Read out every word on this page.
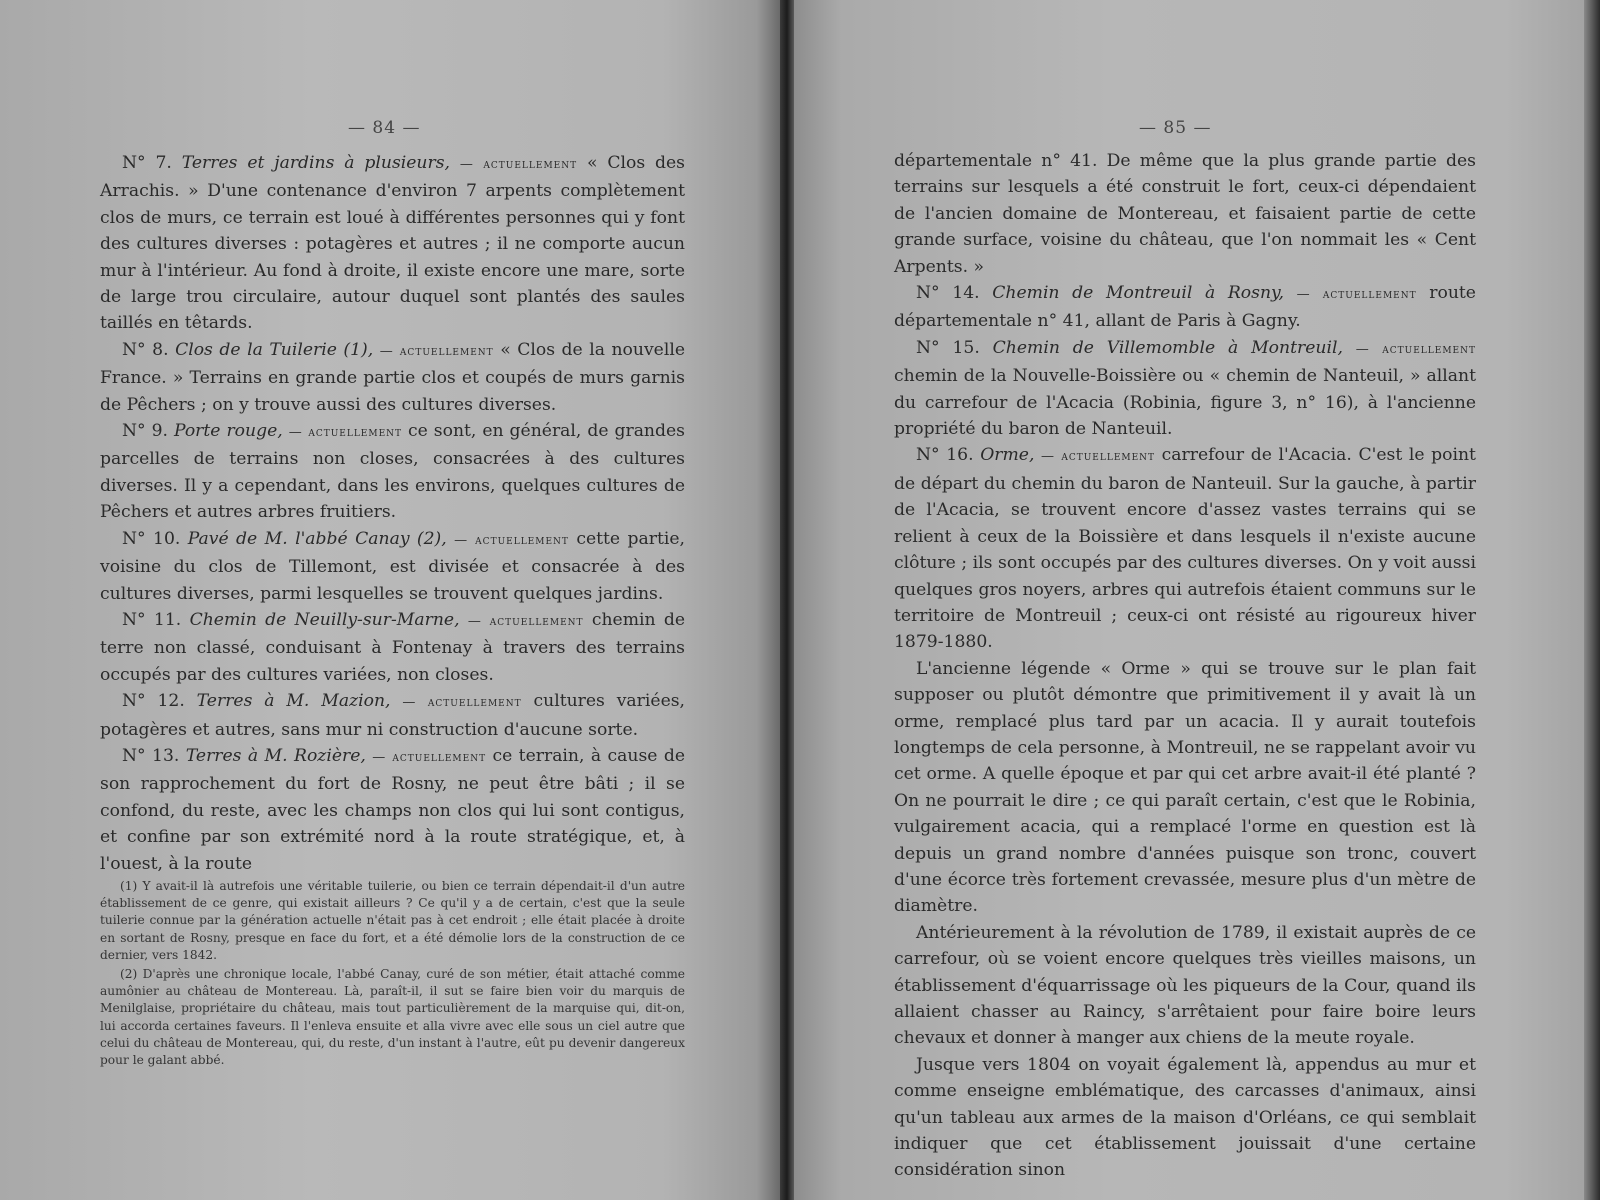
— 84 —

N° 7. Terres et jardins à plusieurs, — actuellement « Clos des Arrachis. » D'une contenance d'environ 7 arpents complètement clos de murs, ce terrain est loué à différentes personnes qui y font des cultures diverses : potagères et autres ; il ne comporte aucun mur à l'intérieur. Au fond à droite, il existe encore une mare, sorte de large trou circulaire, autour duquel sont plantés des saules taillés en têtards.

N° 8. Clos de la Tuilerie (1), — actuellement « Clos de la nouvelle France. » Terrains en grande partie clos et coupés de murs garnis de Pêchers ; on y trouve aussi des cultures diverses.

N° 9. Porte rouge, — actuellement ce sont, en général, de grandes parcelles de terrains non closes, consacrées à des cultures diverses. Il y a cependant, dans les environs, quelques cultures de Pêchers et autres arbres fruitiers.

N° 10. Pavé de M. l'abbé Canay (2), — actuellement cette partie, voisine du clos de Tillemont, est divisée et consacrée à des cultures diverses, parmi lesquelles se trouvent quelques jardins.

N° 11. Chemin de Neuilly-sur-Marne, — actuellement chemin de terre non classé, conduisant à Fontenay à travers des terrains occupés par des cultures variées, non closes.

N° 12. Terres à M. Mazion, — actuellement cultures variées, potagères et autres, sans mur ni construction d'aucune sorte.

N° 13. Terres à M. Rozière, — actuellement ce terrain, à cause de son rapprochement du fort de Rosny, ne peut être bâti ; il se confond, du reste, avec les champs non clos qui lui sont contigus, et confine par son extrémité nord à la route stratégique, et, à l'ouest, à la route

(1) Y avait-il là autrefois une véritable tuilerie, ou bien ce terrain dépendait-il d'un autre établissement de ce genre, qui existait ailleurs ? Ce qu'il y a de certain, c'est que la seule tuilerie connue par la génération actuelle n'était pas à cet endroit ; elle était placée à droite en sortant de Rosny, presque en face du fort, et a été démolie lors de la construction de ce dernier, vers 1842.

(2) D'après une chronique locale, l'abbé Canay, curé de son métier, était attaché comme aumônier au château de Montereau. Là, paraît-il, il sut se faire bien voir du marquis de Menilglaise, propriétaire du château, mais tout particulièrement de la marquise qui, dit-on, lui accorda certaines faveurs. Il l'enleva ensuite et alla vivre avec elle sous un ciel autre que celui du château de Montereau, qui, du reste, d'un instant à l'autre, eût pu devenir dangereux pour le galant abbé.

— 85 —

départementale n° 41. De même que la plus grande partie des terrains sur lesquels a été construit le fort, ceux-ci dépendaient de l'ancien domaine de Montereau, et faisaient partie de cette grande surface, voisine du château, que l'on nommait les « Cent Arpents. »

N° 14. Chemin de Montreuil à Rosny, — actuellement route départementale n° 41, allant de Paris à Gagny.

N° 15. Chemin de Villemomble à Montreuil, — actuellement chemin de la Nouvelle-Boissière ou « chemin de Nanteuil, » allant du carrefour de l'Acacia (Robinia, figure 3, n° 16), à l'ancienne propriété du baron de Nanteuil.

N° 16. Orme, — actuellement carrefour de l'Acacia. C'est le point de départ du chemin du baron de Nanteuil. Sur la gauche, à partir de l'Acacia, se trouvent encore d'assez vastes terrains qui se relient à ceux de la Boissière et dans lesquels il n'existe aucune clôture ; ils sont occupés par des cultures diverses. On y voit aussi quelques gros noyers, arbres qui autrefois étaient communs sur le territoire de Montreuil ; ceux-ci ont résisté au rigoureux hiver 1879-1880.

L'ancienne légende « Orme » qui se trouve sur le plan fait supposer ou plutôt démontre que primitivement il y avait là un orme, remplacé plus tard par un acacia. Il y aurait toutefois longtemps de cela personne, à Montreuil, ne se rappelant avoir vu cet orme. A quelle époque et par qui cet arbre avait-il été planté ? On ne pourrait le dire ; ce qui paraît certain, c'est que le Robinia, vulgairement acacia, qui a remplacé l'orme en question est là depuis un grand nombre d'années puisque son tronc, couvert d'une écorce très fortement crevassée, mesure plus d'un mètre de diamètre.

Antérieurement à la révolution de 1789, il existait auprès de ce carrefour, où se voient encore quelques très vieilles maisons, un établissement d'équarrissage où les piqueurs de la Cour, quand ils allaient chasser au Raincy, s'arrêtaient pour faire boire leurs chevaux et donner à manger aux chiens de la meute royale.

Jusque vers 1804 on voyait également là, appendus au mur et comme enseigne emblématique, des carcasses d'animaux, ainsi qu'un tableau aux armes de la maison d'Orléans, ce qui semblait indiquer que cet établissement jouissait d'une certaine considération sinon
